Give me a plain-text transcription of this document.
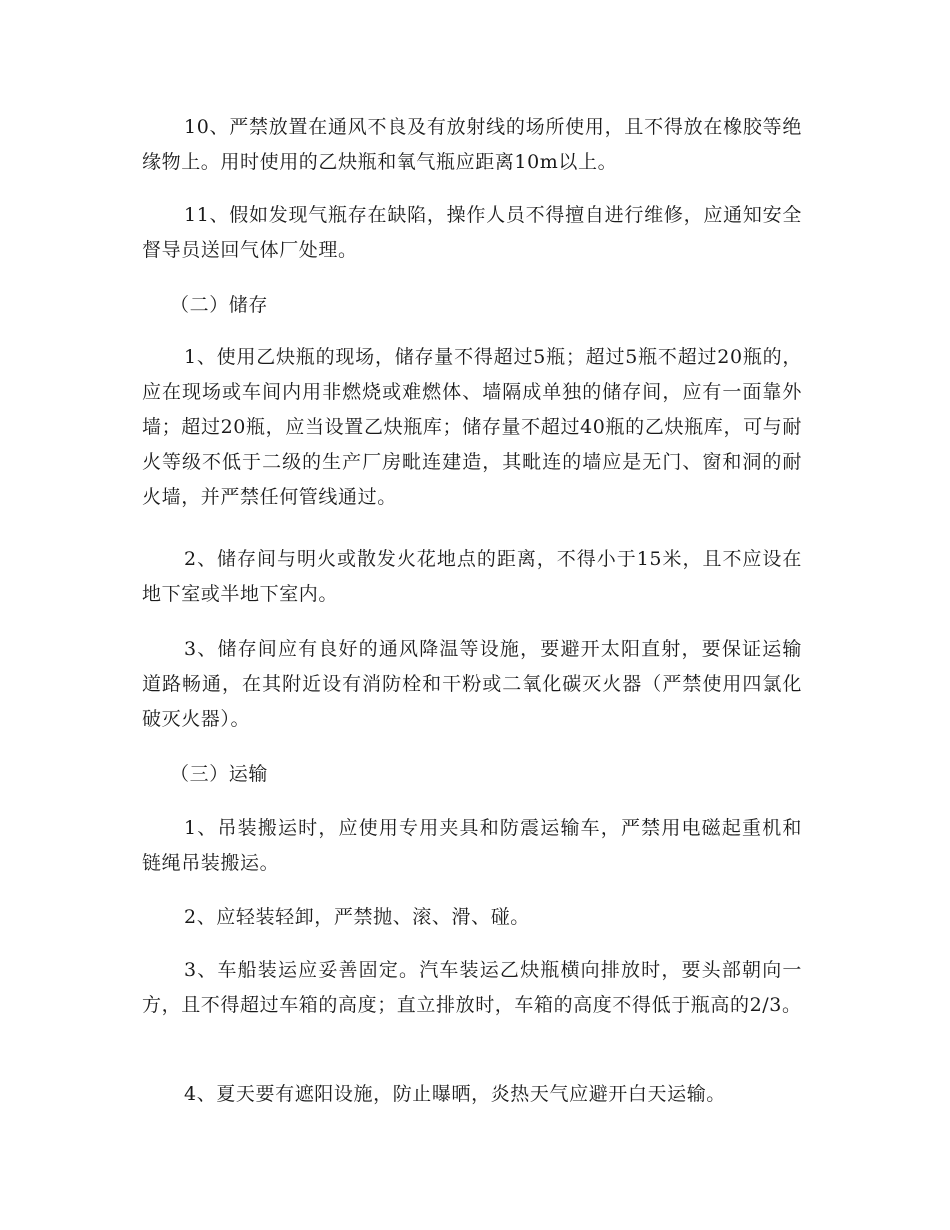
10、严禁放置在通风不良及有放射线的场所使用，且不得放在橡胶等绝缘物上。用时使用的乙炔瓶和氧气瓶应距离10m以上。

11、假如发现气瓶存在缺陷，操作人员不得擅自进行维修，应通知安全督导员送回气体厂处理。

（二）储存

1、使用乙炔瓶的现场，储存量不得超过5瓶；超过5瓶不超过20瓶的，应在现场或车间内用非燃烧或难燃体、墙隔成单独的储存间，应有一面靠外墙；超过20瓶，应当设置乙炔瓶库；储存量不超过40瓶的乙炔瓶库，可与耐火等级不低于二级的生产厂房毗连建造，其毗连的墙应是无门、窗和洞的耐火墙，并严禁任何管线通过。

2、储存间与明火或散发火花地点的距离，不得小于15米，且不应设在地下室或半地下室内。

3、储存间应有良好的通风降温等设施，要避开太阳直射，要保证运输道路畅通，在其附近设有消防栓和干粉或二氧化碳灭火器（严禁使用四氯化破灭火器）。

（三）运输

1、吊装搬运时，应使用专用夹具和防震运输车，严禁用电磁起重机和链绳吊装搬运。

2、应轻装轻卸，严禁抛、滚、滑、碰。

3、车船装运应妥善固定。汽车装运乙炔瓶横向排放时，要头部朝向一方，且不得超过车箱的高度；直立排放时，车箱的高度不得低于瓶高的2/3。

4、夏天要有遮阳设施，防止曝晒，炎热天气应避开白天运输。
